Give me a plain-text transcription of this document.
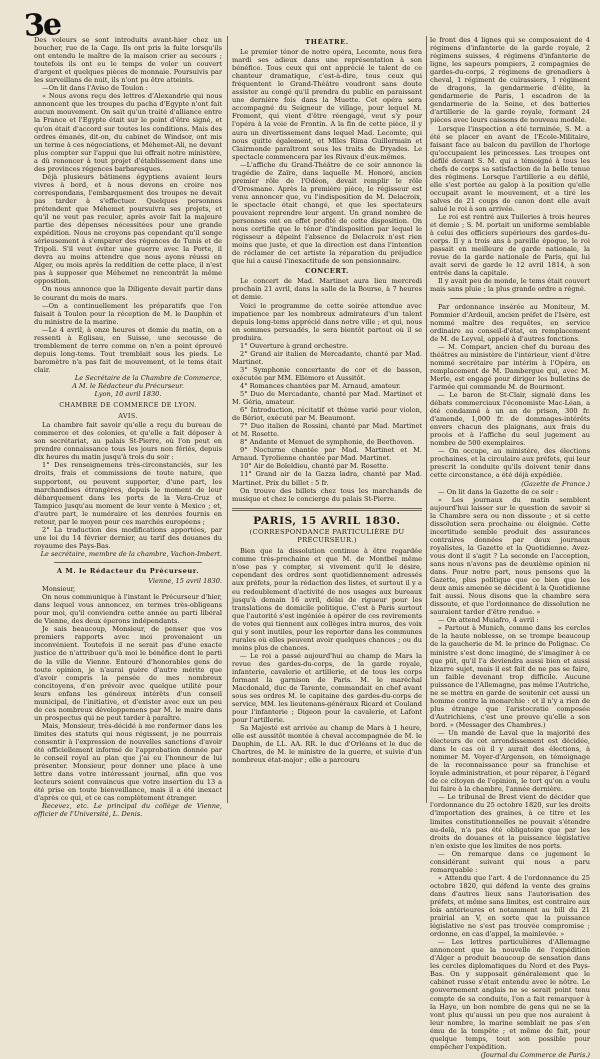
3e

Des voleurs se sont introduits avant-hier chez un boucher, rue de la Cage. Ils ont pris la fuite lorsqu'ils ont entendu le maître de la maison crier au secours ; toutefois ils ont eu le temps de voler un couvert d'argent et quelques pièces de monnaie. Poursuivis par les surveillans de nuit, ils n'ont pu être atteints.

—On lit dans l'Aviso de Toulon :

« Nous avons reçu des lettres d'Alexandrie qui nous annoncent que les troupes du pacha d'Egypte n'ont fait aucun mouvement. On sait qu'un traité d'alliance entre la France et l'Egypte était sur le point d'être signé, et qu'on était d'accord sur toutes les conditions. Mais des ordres émanés, dit-on, du cabinet de Windsor, ont mis un terme à ces négociations, et Méhemet-Ali, ne devant plus compter sur l'appui que lui offrait notre ministère, a dû renoncer à tout projet d'établissement dans une des provinces régences barbaresques.

Déjà plusieurs bâtimens égyptiens avaient leurs vivres à bord, et à nous devons en croire nos correspondans, l'embarquement des troupes ne devait pas tarder à s'effectuer. Quelques personnes prétendent que Méhemet poursuivra ses projets, et qu'il ne veut pas reculer, après avoir fait la majeure partie des dépenses nécessitées pour une grande expédition. Nous ne croyons pas cependant qu'il songe sérieusement à s'emparer des régences de Tunis et de Tripoli. S'il veut éviter une guerre avec la Porte, il devra au moins attendre que nous ayons réussi en Alger, ou mois après la reddition de cette place, il n'est pas à supposer que Méhemet ne rencontrât la même opposition.

On nous annonce que la Diligente devait partir dans le courant du mois de mars.

—On a continuellement les préparatifs que l'on faisait à Toulon pour la réception de M. le Dauphin et du ministre de la marine.

—Le 4 avril, à onze heures et demie du matin, on a ressenti à Eglisau, en Suisse, une secousse de tremblement de terre comme on n'en a point éprouvé depuis long-tems. Tout tremblait sous les pieds. Le baromètre n'a pas fait de mouvement, et le tems était clair.

Le Secrétaire de la Chambre de Commerce,

A M. le Rédacteur du Précurseur.

Lyon, 10 avril 1830.

CHAMBRE DE COMMERCE DE LYON.

AVIS.

La chambre fait savoir qu'elle a reçu du bureau de commerce et des colonies, et qu'elle a fait déposer à son secrétariat, au palais St-Pierre, où l'on peut en prendre connaissance tous les jours non fériés, depuis dix heures du matin jusqu'à trois du soir :

1° Des renseignemens très-circonstanciés, sur les droits, frais et commissions de toute nature, que supportent, ou peuvent supporter, d'une part, les marchandises étrangères, depuis le moment de leur débarquement dans les ports de la Vera-Cruz et Tampico jusqu'au moment de leur vente à Mexico ; et, d'autre part, le numéraire et les denrées fournis en retour, par le moyen pour ces marchés européens ;

2° La traduction des modifications apportées, par une loi du 14 février dernier, au tarif des douanes du royaume des Pays-Bas.

Le secrétaire, membre de la chambre, Vachon-Imbert.

A M. le Rédacteur du Précurseur.

Vienne, 15 avril 1830.

Monsieur,

On nous communique à l'instant le Précurseur d'hier, dans lequel vous annoncez, en termes très-obligeans pour moi, qu'il conviendra cette année au parti libéral de Vienne, des deux éperons indépendants.

Je sais beaucoup, Monsieur, de penser que vos premiers rapports avec moi provenaient un inconvénient. Toutefois il ne serait pas d'une exacte justice de n'attribuer qu'à moi le bénéfice dont le parti de la ville de Vienne. Entouré d'honorables gens de toute opinion, je n'aurai guère d'autre mérite que d'avoir compris la pensée de mes nombreux concitoyens, d'en prévoir avec quelque utilité pour leurs enfans les généreux intérêts d'un conseil municipal, de l'initiative, et d'exister avec eux un peu de ces nombreux développemens par M. le maire dans un prospectus qui ne peut tarder à paraître.

Mais, Monsieur, très-décidé à me renfermer dans les limites des statuts qui nous régissent, je ne pourrais consentir à l'expression de nouvelles sanctions d'avoir été officiellement informé de l'approbation donnée par le conseil royal au plan que j'ai eu l'honneur de lui présenter. Monsieur, pour donner une place à une lettre dans votre intéressant journal, afin que vos lecteurs soient convaincus que votre insertion du 13 a été prise en toute bienveillance, mais il a été inexact d'après ce qui, et ce cas complètement étranger.

Recevez, etc. Le principal du collège de Vienne, officier de l'Université, L. Denis.

THÉATRE.

Le premier ténor de notre opéra, Lecomte, nous fera mardi ses adieux dans une représentation à son bénéfice. Tous ceux qui ont apprécié le talent de ce chanteur dramatique, c'est-à-dire, tous ceux qui fréquentent le Grand-Théâtre voudront sans doute assister au congé qu'il prendra du public en paraissant une dernière fois dans la Muette. Cet opéra sera accompagné du Seigneur de village, pour lequel M. Froment, qui vient d'être réengagé, veut s'y pour l'opéra à la voie de Frontin. A la fin de cette pièce, il y aura un divertissement dans lequel Mad. Lecomte, qui nous quitte également, et Mlles Rima Guillermain et Clairmonde paraîtront sous les traits de Dryades. Le spectacle commencera par les Rivaux d'eux-mêmes.

—L'affiche du Grand-Théâtre de ce soir annonce la tragédie de Zaïre, dans laquelle M. Honoré, ancien premier rôle de l'Odéon, devait remplir le rôle d'Orosmane. Après la première pièce, le régisseur est venu annoncer que, vu l'indisposition de M. Delacroix, le spectacle était changé, et que les spectateurs pouvaient reprendre leur argent. Un grand nombre de personnes ont en effet profité de cette disposition. On nous certifie que le ténor d'indisposition par lequel le régisseur a dépeint l'absence de Delacroix n'est rien moins que juste, et que la direction est dans l'intention de réclamer de cet artiste la réparation du préjudice que lui a causé l'inexactitude de son pensionnaire.

CONCERT.

Le concert de Mad. Martinet aura lieu mercredi prochain 21 avril, dans la salle de la Bourse, à 7 heures et demie.

Voici le programme de cette soirée attendue avec impatience par les nombreux admirateurs d'un talent depuis long-tems apprécié dans notre ville ; et qui, nous en sommes persuadés, le sera bientôt partout où il se produira.

1° Ouverture à grand orchestre.

2° Grand air italien de Mercadante, chanté par Mad. Martinet.

3° Symphonie concertante de cor et de basson, exécutée par MM. Ellémore et Aussitôt.

4° Romances chantées par M. Arnaud, amateur.

5° Duo de Mercadante, chanté par Mad. Martinet et M. Géria, amateur.

6° Introduction, récitatif et thème varié pour violon, de Bériot, exécuté par M. Beaumont.

7° Duo italien de Rossini, chanté par Mad. Martinet et M. Rosette.

8° Andante et Menuet de symphonie, de Beethoven.

9° Nocturne chantée par Mad. Martinet et M. Arnaud. Tyrolienne chantée par Mad. Martinet.

10° Air de Boïeldieu, chanté par M. Rosette.

11° Grand air de la Gazza ladra, chanté par Mad. Martinet. Prix du billet : 5 fr.

On trouve des billets chez tous les marchands de musique et chez le concierge du palais St-Pierre.

PARIS, 15 AVRIL 1830.

(CORRESPONDANCE PARTICULIÈRE DU PRÉCURSEUR.)

Bien que la dissolution continue à être regardée comme très-prochaine et que M. de Montbel même n'ose pas y compter, si vivement qu'il le désire, cependant des ordres sont quotidiennement adressés aux préfets, pour la rédaction des listes, et surtout il y a eu redoublement d'activité de nos usages aux bureaux jusqu'à demain 16 avril, délai de rigueur pour les translations de domicile politique. C'est à Paris surtout que l'autorité s'est ingéniée à opérer de ces revirements de votes qui tiennent aux collèges intra muros, des voix qui y sont inutiles, pour les reporter dans les communes rurales où elles peuvent avoir quelques chances ; ou du moins plus de chances.

— Le roi a passé aujourd'hui au champ de Mars la revue des gardes-du-corps, de la garde royale, infanterie, cavalerie et artillerie, et de tous les corps formant la garnison de Paris. M. le maréchal Macdonald, duc de Tarente, commandait en chef avant sous ses ordres M. le capitaine des gardes-du-corps de service, MM. les lieutenans-généraux Ricard et Couland pour l'infanterie ; Digeon pour la cavalerie, et Lafont pour l'artillerie.

Sa Majesté est arrivée au champ de Mars à 1 heure, elle est aussitôt montée à cheval accompagnée de M. le Dauphin, de LL. AA. RR. le duc d'Orléans et le duc de Chartres, de M. le ministre de la guerre, et suivie d'un nombreux état-major ; elle a parcouru

le front des 4 lignes qui se composaient de 4 régimens d'infanterie de la garde royale, 2 régimens suisses, 4 régimens d'infanterie de ligne, les sapeurs pompiers, 2 compagnies de gardes-du-corps, 2 régimens de grenadiers à cheval, 1 régiment de cuirassiers, 1 régiment de dragons, la gendarmerie d'élite, la gendarmerie de Paris, 1 escadron de la gendarmerie de la Seine, et des batteries d'artillerie de la garde royale, formant 24 pièces avec leurs caissons de nouveau modèle.

Lorsque l'inspection a été terminée, S. M. a été se placer en avant de l'Ecole-Militaire, faisant face au balcon du pavillon de l'horloge qu'occupaient les princesses. Les troupes ont défilé devant S. M. qui a témoigné à tous les chefs de corps sa satisfaction de la belle tenue des régimens. Lorsque l'artillerie a eu défilé, elle s'est portée au galop à la position qu'elle occupait avant le mouvement, et a tiré les salves de 21 coups de canon dont elle avait salué le roi à son arrivée.

Le roi est rentré aux Tuileries à trois heures et demie ; S. M. portait un uniforme semblable à celui des officiers supérieurs des gardes-du-corps. Il y a trois ans à pareille époque, le roi passait en meilleure de garde nationale, la revue de la garde nationale de Paris, qui lui avait servi de garde le 12 avril 1814, à son entrée dans la capitale.

Il y avait peu de monde, le tems était couvert mais sans pluie ; la plus grande ordre a régné.

Par ordonnance insérée au Moniteur, M. Pommier d'Ardeuil, ancien préfet de l'Isère, est nommé maître des requêtes, en service ordinaire au conseil-d'état, en remplacement de M. de Leyval, appelé à d'autres fonctions.

— M. Compart, ancien chef du bureau des théâtres au ministère de l'intérieur, vient d'être nommé secrétaire par intérim à l'Opéra, en remplacement de M. Dambergue qui, avec M. Merle, est engagé pour diriger les bulletins de l'armée qui commande M. de Bourmont.

— Le baron de St-Clair, signalé dans les débats commerciaux l'économiste Mac-Léan, a été condamné à un an de prison, 300 fr. d'amende, 1,000 fr. de dommages-intérêts envers chacun des plaignans, aux frais du procès et à l'affiche du seul jugement au nombre de 500 exemplaires.

— On occupe, au ministère, des élections prochaines, et la circulaire aux préfets, qui leur prescrit la conduite qu'ils doivent tenir dans cette circonstance, a été déjà expédiée.

(Gazette de France.)

— On lit dans la Gazette de ce soir :

« Les journaux du matin semblent aujourd'hui laisser sur le question de savoir si la Chambre sera ou non dissoute ; et si cette dissolution sera prochaine ou éloignée. Cette incertitude semble produit des assurances contraires données par deux journaux royalistes, la Gazette et la Quotidienne. Avez-vous dont il s'agit ? La seconde en l'acception, sans nous n'avons pas de deuxième opinion ni dans. Pour notre part, nous pensons que la Gazette, plus politique que ce bien que les deux amis amenée se décident à la Quotidienne fait aussi. Nous disons que la chambre sera dissoute, et que l'ordonnance de dissolution ne sauraient tarder d'être rendue. »

— On attend Muiafro, 4 avril :

« Partout à Munich, comme dans les cercles de la haute noblesse, on se trompe beaucoup de la gaucherie de M. le prince de Polignac. Ce ministre s'est donc imaginé, de s'imaginer à ce que pût, qu'il l'a deviendra aussi bien et aussi bizarre sujet, mais il est fait de ne pas se faire, un faible devenant trop difficile. Aucune puissance de l'Allemagne, pas même l'Autriche, ne se mettra en garde de soutenir cet aussi un homme contre la monarchie : et il n'y a rien de plus étrange que l'aristocratie composée d'Autrichiens, c'est une preuve qu'elle a son bord. » (Messager des Chambres.)

— Un mandé de Laval que la majorité des électeurs de cet arrondissement est décidée, dans le cas où il y aurait des élections, à nommer M. Voyer-d'Argenson, en témoignage de la reconnaissance pour sa franchise et loyale administration, et pour réparer, à l'égard de ce citoyen de l'opinion, le tort qu'on a voulu lui faire à la chambre, l'année dernière.

— Le tribunal de Brest vient de décider que l'ordonnance du 25 octobre 1820, sur les droits d'importation des graines, à ce titre et les limites constitutionnelles ne pouvait s'étendre au-delà, n'a pas été obligatoire que par les droits de douanes et la puissance législative n'en existe que les limites de nos ports.

— On remarque dans ce jugement le considérant suivant qui nous a paru remarquable :

« Attendu que l'art. 4 de l'ordonnance du 25 octobre 1820, qui défend la vente des grains dans d'autres lieux sans l'autorisation des préfets, et même sans limites, est contraire aux lois antérieures et notamment au bill du 21 prairial an V, en sorte que la puissance législative ne s'est pas trouvée compromise ; ordonne, en cas d'appel, la mainlevée. »

— Les lettres particulières d'Allemagne annoncent que la nouvelle de l'expédition d'Alger a produit beaucoup de sensation dans les cercles diplomatiques du Nord et des Pays-Bas. On y supposait généralement que le cabinet russe s'était entendu avec le nôtre. Le gouvernement anglais ne se serait point tenu compte de sa conduite, l'on a fait remarquer à la Haye, un bon nombre de gens qui ne se la vont plus qu'aussi un peu que nos auraient à leur nombre, la marine semblait ne pas s'en ému de la tempête ; et même de fait, pour quelque temps, tout son possible pour empêcher l'expédition.

(Journal du Commerce de Paris.)
